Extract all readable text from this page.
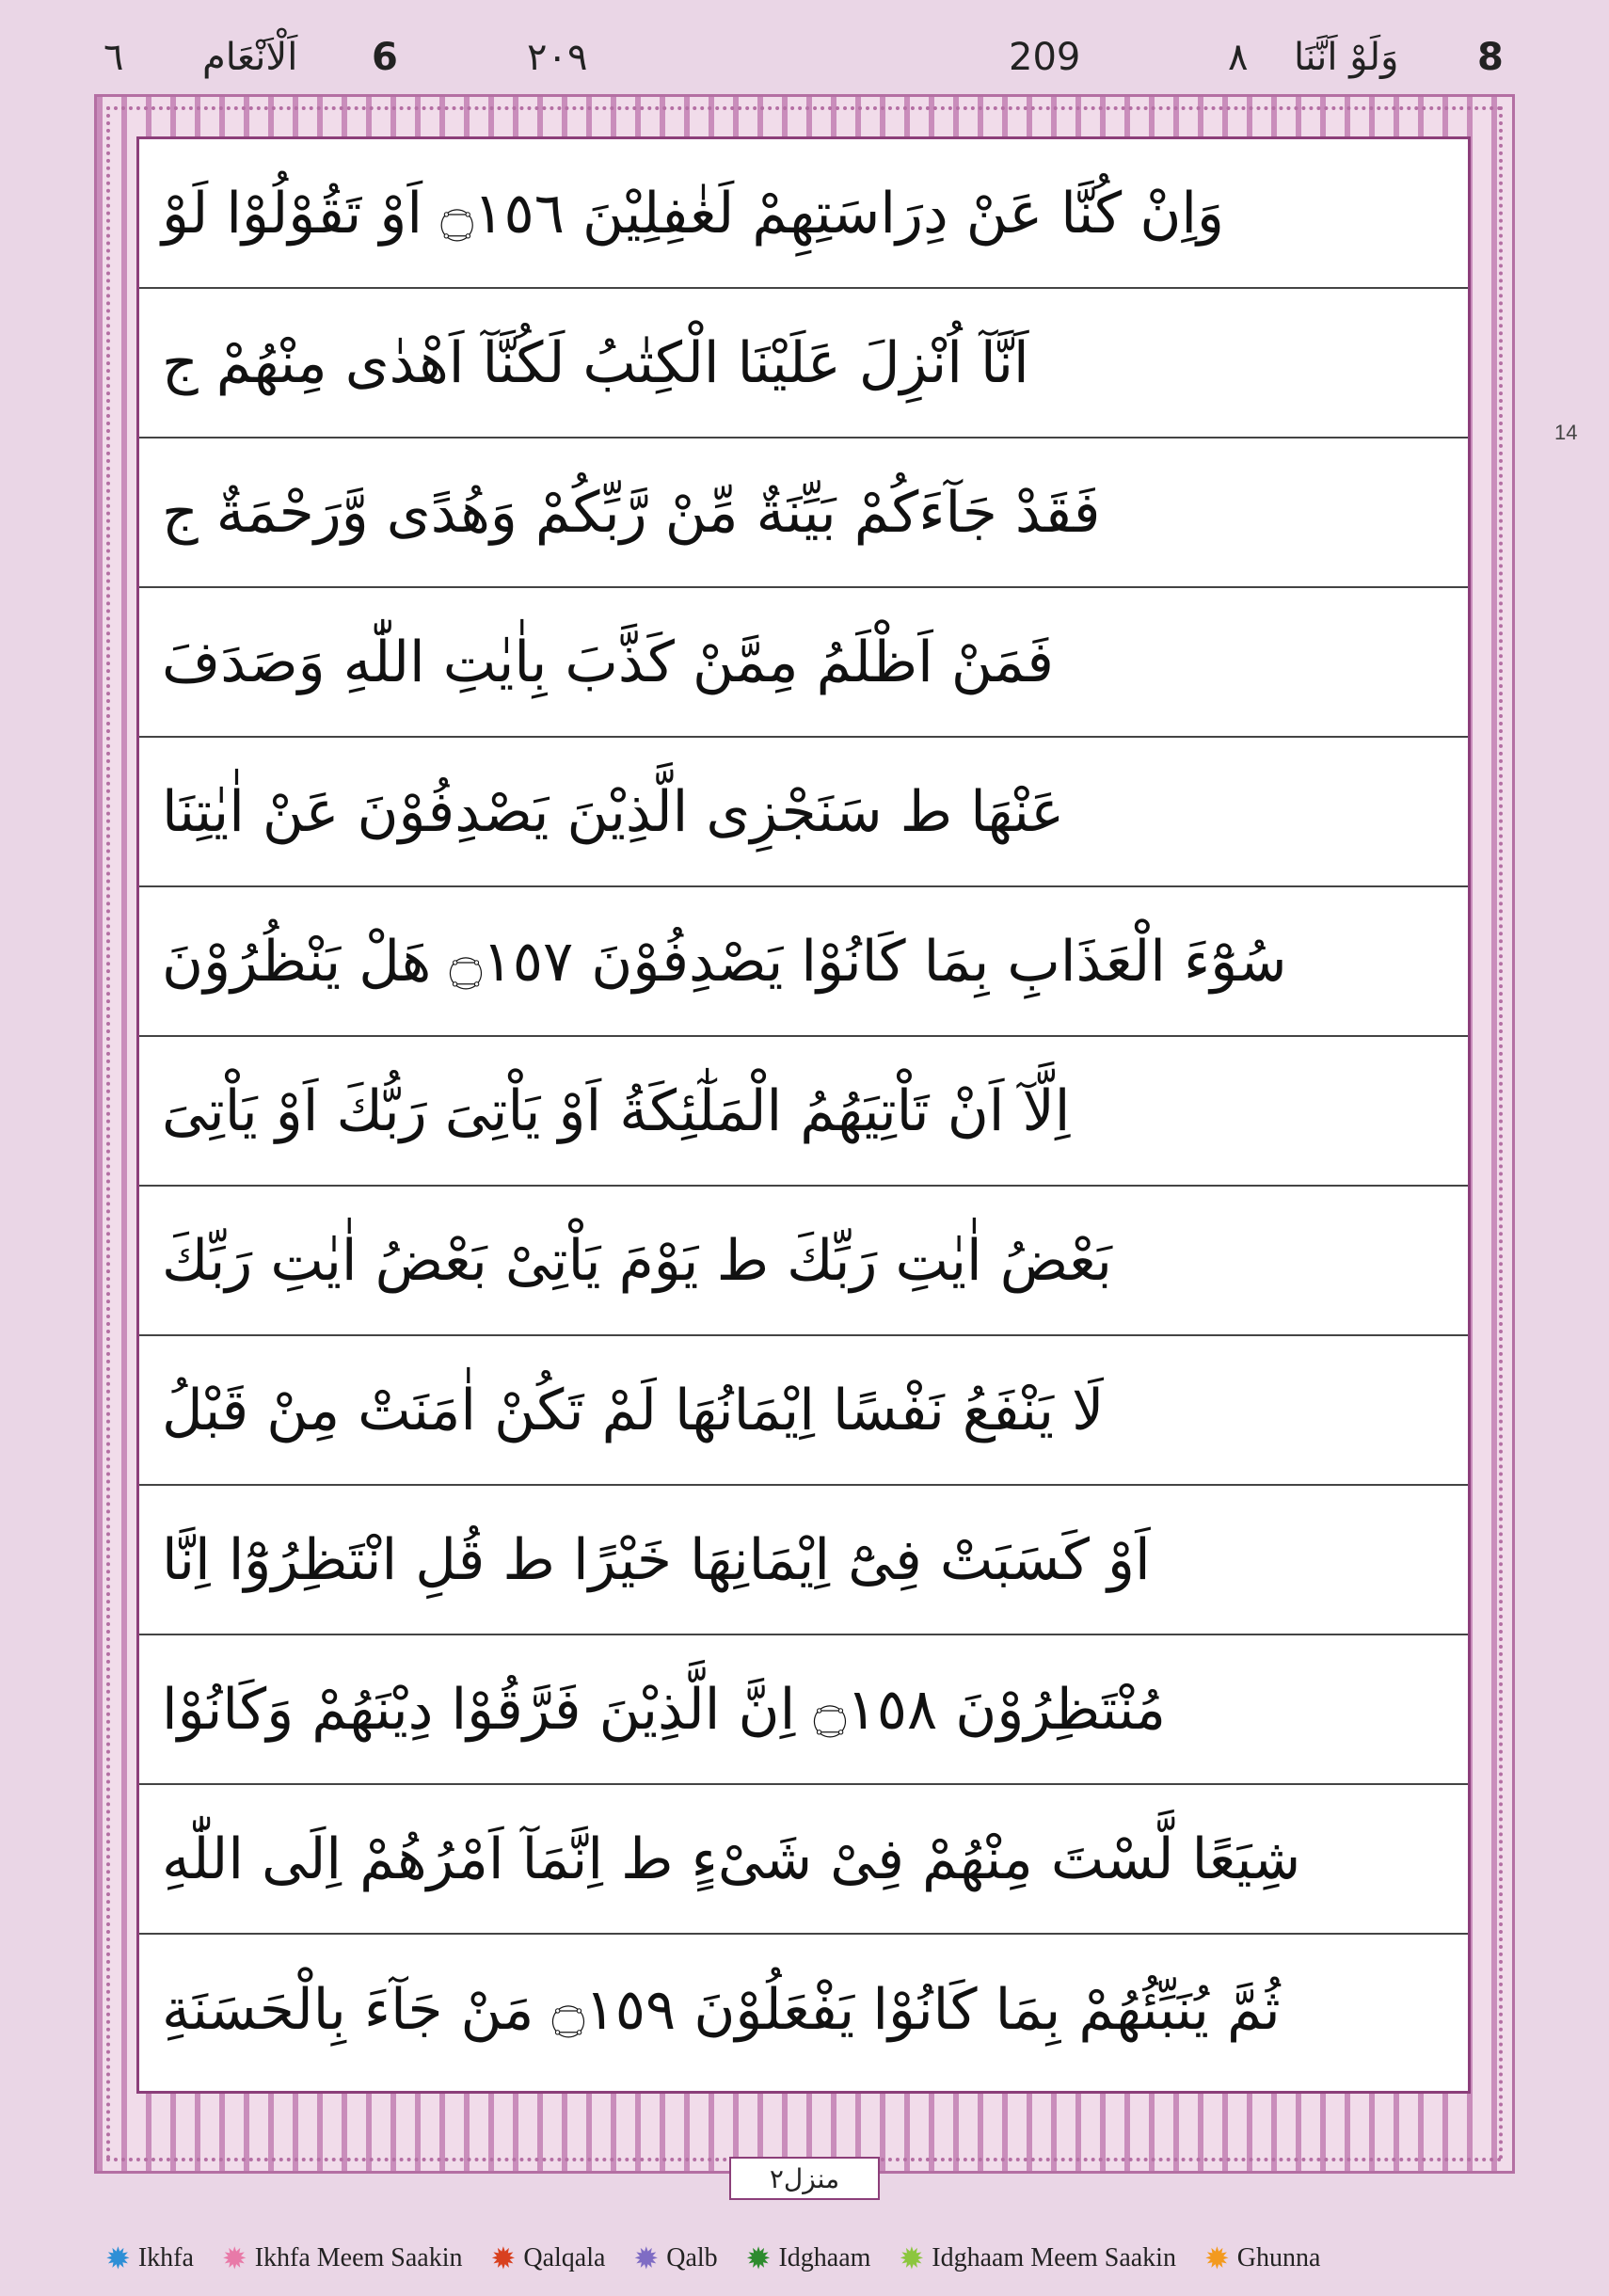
8
وَلَوْ اَنَّنَا
٨
209
٢٠٩
6
اَلْاَنْعَام
٦
14
وَاِنْ كُنَّا عَنْ دِرَاسَتِهِمْ لَغٰفِلِيْنَ ۝١٥٦ اَوْ تَقُوْلُوْا لَوْ
اَنَّآ اُنْزِلَ عَلَيْنَا الْكِتٰبُ لَكُنَّآ اَهْدٰى مِنْهُمْ ج
فَقَدْ جَآءَكُمْ بَيِّنَةٌ مِّنْ رَّبِّكُمْ وَهُدًى وَّرَحْمَةٌ ج
فَمَنْ اَظْلَمُ مِمَّنْ كَذَّبَ بِاٰيٰتِ اللّٰهِ وَصَدَفَ
عَنْهَا ط سَنَجْزِى الَّذِيْنَ يَصْدِفُوْنَ عَنْ اٰيٰتِنَا
سُوْٓءَ الْعَذَابِ بِمَا كَانُوْا يَصْدِفُوْنَ ۝١٥٧ هَلْ يَنْظُرُوْنَ
اِلَّآ اَنْ تَاْتِيَهُمُ الْمَلٰٓئِكَةُ اَوْ يَاْتِىَ رَبُّكَ اَوْ يَاْتِىَ
بَعْضُ اٰيٰتِ رَبِّكَ ط يَوْمَ يَاْتِىْ بَعْضُ اٰيٰتِ رَبِّكَ
لَا يَنْفَعُ نَفْسًا اِيْمَانُهَا لَمْ تَكُنْ اٰمَنَتْ مِنْ قَبْلُ
اَوْ كَسَبَتْ فِىْٓ اِيْمَانِهَا خَيْرًا ط قُلِ انْتَظِرُوْٓا اِنَّا
مُنْتَظِرُوْنَ ۝١٥٨ اِنَّ الَّذِيْنَ فَرَّقُوْا دِيْنَهُمْ وَكَانُوْا
شِيَعًا لَّسْتَ مِنْهُمْ فِىْ شَىْءٍ ط اِنَّمَآ اَمْرُهُمْ اِلَى اللّٰهِ
ثُمَّ يُنَبِّئُهُمْ بِمَا كَانُوْا يَفْعَلُوْنَ ۝١٥٩ مَنْ جَآءَ بِالْحَسَنَةِ
منزل٢
✹ Ikhfa ✹ Ikhfa Meem Saakin ✹ Qalqala ✹ Qalb ✹ Idghaam ✹ Idghaam Meem Saakin ✹ Ghunna
